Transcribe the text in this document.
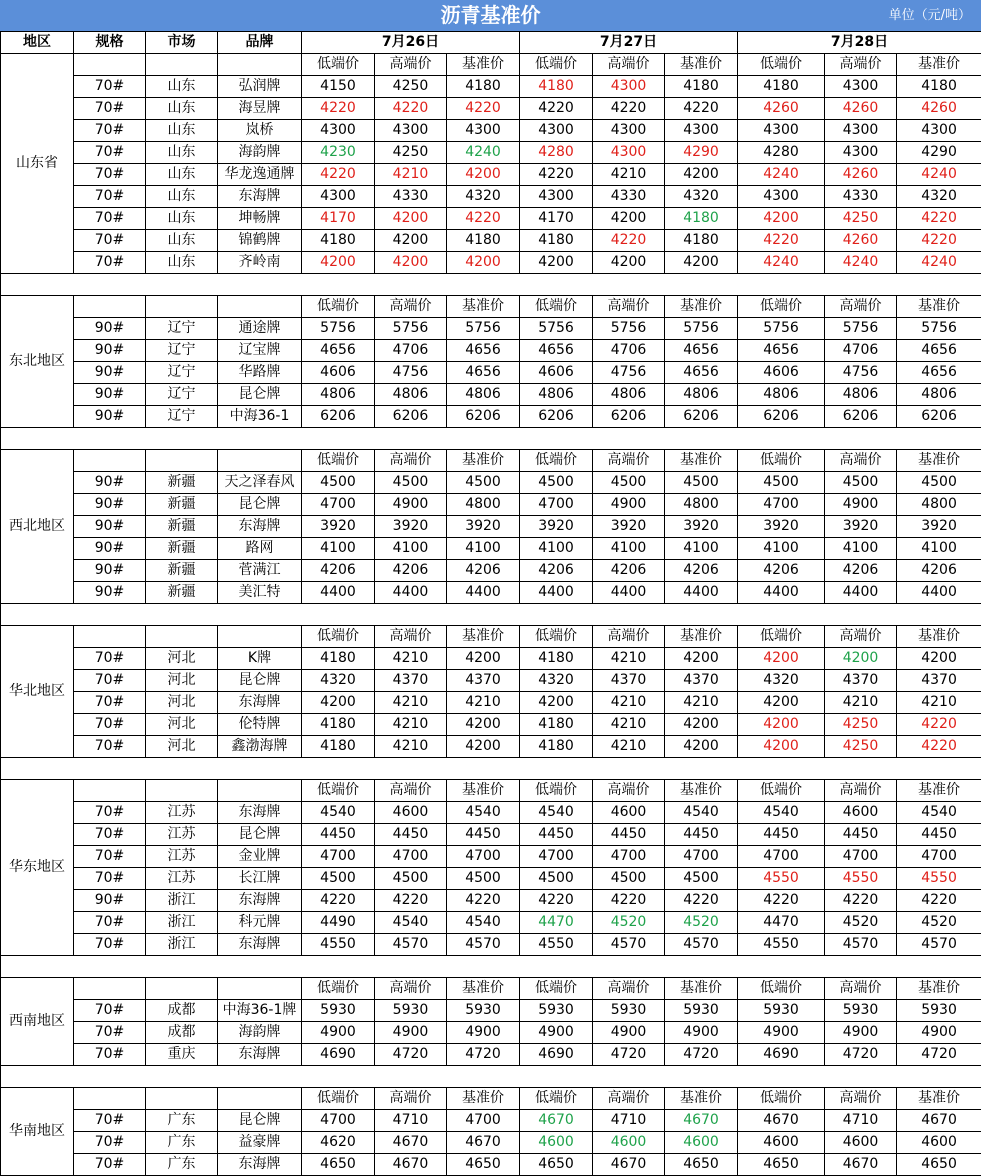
沥青基准价	单位（元/吨）
地区	规格	市场	品牌	7月26日			7月27日			7月28日		
山东省				低端价	高端价	基准价	低端价	高端价	基准价	低端价	高端价	基准价
	70#	山东	弘润牌	4150	4250	4180	4180	4300	4180	4180	4300	4180
	70#	山东	海昱牌	4220	4220	4220	4220	4220	4220	4260	4260	4260
	70#	山东	岚桥	4300	4300	4300	4300	4300	4300	4300	4300	4300
	70#	山东	海韵牌	4230	4250	4240	4280	4300	4290	4280	4300	4290
	70#	山东	华龙逸通牌	4220	4210	4200	4220	4210	4200	4240	4260	4240
	70#	山东	东海牌	4300	4330	4320	4300	4330	4320	4300	4330	4320
	70#	山东	坤畅牌	4170	4200	4220	4170	4200	4180	4200	4250	4220
	70#	山东	锦鹤牌	4180	4200	4180	4180	4220	4180	4220	4260	4220
	70#	山东	齐岭南	4200	4200	4200	4200	4200	4200	4240	4240	4240

东北地区				低端价	高端价	基准价	低端价	高端价	基准价	低端价	高端价	基准价
	90#	辽宁	通途牌	5756	5756	5756	5756	5756	5756	5756	5756	5756
	90#	辽宁	辽宝牌	4656	4706	4656	4656	4706	4656	4656	4706	4656
	90#	辽宁	华路牌	4606	4756	4656	4606	4756	4656	4606	4756	4656
	90#	辽宁	昆仑牌	4806	4806	4806	4806	4806	4806	4806	4806	4806
	90#	辽宁	中海36-1	6206	6206	6206	6206	6206	6206	6206	6206	6206

西北地区				低端价	高端价	基准价	低端价	高端价	基准价	低端价	高端价	基准价
	90#	新疆	天之泽春风	4500	4500	4500	4500	4500	4500	4500	4500	4500
	90#	新疆	昆仑牌	4700	4900	4800	4700	4900	4800	4700	4900	4800
	90#	新疆	东海牌	3920	3920	3920	3920	3920	3920	3920	3920	3920
	90#	新疆	路网	4100	4100	4100	4100	4100	4100	4100	4100	4100
	90#	新疆	菅满江	4206	4206	4206	4206	4206	4206	4206	4206	4206
	90#	新疆	美汇特	4400	4400	4400	4400	4400	4400	4400	4400	4400

华北地区				低端价	高端价	基准价	低端价	高端价	基准价	低端价	高端价	基准价
	70#	河北	K牌	4180	4210	4200	4180	4210	4200	4200	4200	4200
	70#	河北	昆仑牌	4320	4370	4370	4320	4370	4370	4320	4370	4370
	70#	河北	东海牌	4200	4210	4210	4200	4210	4210	4200	4210	4210
	70#	河北	伦特牌	4180	4210	4200	4180	4210	4200	4200	4250	4220
	70#	河北	鑫渤海牌	4180	4210	4200	4180	4210	4200	4200	4250	4220

华东地区				低端价	高端价	基准价	低端价	高端价	基准价	低端价	高端价	基准价
	70#	江苏	东海牌	4540	4600	4540	4540	4600	4540	4540	4600	4540
	70#	江苏	昆仑牌	4450	4450	4450	4450	4450	4450	4450	4450	4450
	70#	江苏	金业牌	4700	4700	4700	4700	4700	4700	4700	4700	4700
	70#	江苏	长江牌	4500	4500	4500	4500	4500	4500	4550	4550	4550
	90#	浙江	东海牌	4220	4220	4220	4220	4220	4220	4220	4220	4220
	70#	浙江	科元牌	4490	4540	4540	4470	4520	4520	4470	4520	4520
	70#	浙江	东海牌	4550	4570	4570	4550	4570	4570	4550	4570	4570

西南地区				低端价	高端价	基准价	低端价	高端价	基准价	低端价	高端价	基准价
	70#	成都	中海36-1牌	5930	5930	5930	5930	5930	5930	5930	5930	5930
	70#	成都	海韵牌	4900	4900	4900	4900	4900	4900	4900	4900	4900
	70#	重庆	东海牌	4690	4720	4720	4690	4720	4720	4690	4720	4720

华南地区				低端价	高端价	基准价	低端价	高端价	基准价	低端价	高端价	基准价
	70#	广东	昆仑牌	4700	4710	4700	4670	4710	4670	4670	4710	4670
	70#	广东	益豪牌	4620	4670	4670	4600	4600	4600	4600	4600	4600
	70#	广东	东海牌	4650	4670	4650	4650	4670	4650	4650	4670	4650
